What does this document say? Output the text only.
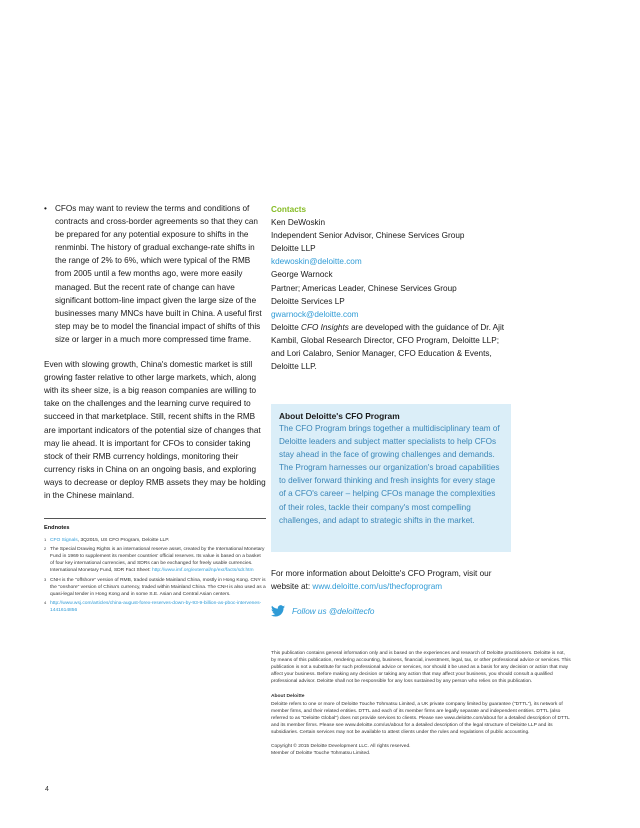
• CFOs may want to review the terms and conditions of contracts and cross-border agreements so that they can be prepared for any potential exposure to shifts in the renminbi. The history of gradual exchange-rate shifts in the range of 2% to 6%, which were typical of the RMB from 2005 until a few months ago, were more easily managed. But the recent rate of change can have significant bottom-line impact given the large size of the businesses many MNCs have built in China. A useful first step may be to model the financial impact of shifts of this size or larger in a much more compressed time frame.

Even with slowing growth, China's domestic market is still growing faster relative to other large markets, which, along with its sheer size, is a big reason companies are willing to take on the challenges and the learning curve required to succeed in that marketplace. Still, recent shifts in the RMB are important indicators of the potential size of changes that may lie ahead. It is important for CFOs to consider taking stock of their RMB currency holdings, monitoring their currency risks in China on an ongoing basis, and exploring ways to decrease or deploy RMB assets they may be holding in the Chinese mainland.

Endnotes
1 CFO Signals, 3Q2015, US CFO Program, Deloitte LLP.
2 The Special Drawing Rights is an international reserve asset, created by the International Monetary Fund in 1969 to supplement its member countries' official reserves. Its value is based on a basket of four key international currencies, and SDRs can be exchanged for freely usable currencies. International Monetary Fund, SDR Fact Sheet: http://www.imf.org/external/np/exr/facts/sdr.htm
3 CNH is the "offshore" version of RMB, traded outside Mainland China, mostly in Hong Kong. CNY is the "onshore" version of China's currency, traded within Mainland China. The CNH is also used as a quasi-legal tender in Hong Kong and in some S.E. Asian and Central Asian centers.
4 http://www.wsj.com/articles/china-august-forex-reserves-down-by-93-9-billion-as-pboc-intervenes-1441614856

Contacts

Ken DeWoskin

Independent Senior Advisor, Chinese Services Group

Deloitte LLP

kdewoskin@deloitte.com

George Warnock

Partner; Americas Leader, Chinese Services Group

Deloitte Services LP

gwarnock@deloitte.com

Deloitte CFO Insights are developed with the guidance of Dr. Ajit Kambil, Global Research Director, CFO Program, Deloitte LLP; and Lori Calabro, Senior Manager, CFO Education & Events, Deloitte LLP.

About Deloitte's CFO Program
The CFO Program brings together a multidisciplinary team of Deloitte leaders and subject matter specialists to help CFOs stay ahead in the face of growing challenges and demands. The Program harnesses our organization's broad capabilities to deliver forward thinking and fresh insights for every stage of a CFO's career – helping CFOs manage the complexities of their roles, tackle their company's most compelling challenges, and adapt to strategic shifts in the market.
For more information about Deloitte's CFO Program, visit our website at: www.deloitte.com/us/thecfoprogram
Follow us @deloittecfo

This publication contains general information only and is based on the experiences and research of Deloitte practitioners. Deloitte is not, by means of this publication, rendering accounting, business, financial, investment, legal, tax, or other professional advice or services. This publication is not a substitute for such professional advice or services, nor should it be used as a basis for any decision or action that may affect your business. Before making any decision or taking any action that may affect your business, you should consult a qualified professional advisor. Deloitte shall not be responsible for any loss sustained by any person who relies on this publication.

About Deloitte

Deloitte refers to one or more of Deloitte Touche Tohmatsu Limited, a UK private company limited by guarantee ("DTTL"), its network of member firms, and their related entities. DTTL and each of its member firms are legally separate and independent entities. DTTL (also referred to as "Deloitte Global") does not provide services to clients. Please see www.deloitte.com/about for a detailed description of DTTL and its member firms. Please see www.deloitte.com/us/about for a detailed description of the legal structure of Deloitte LLP and its subsidiaries. Certain services may not be available to attest clients under the rules and regulations of public accounting.

Copyright © 2015 Deloitte Development LLC. All rights reserved.

Member of Deloitte Touche Tohmatsu Limited.

4
